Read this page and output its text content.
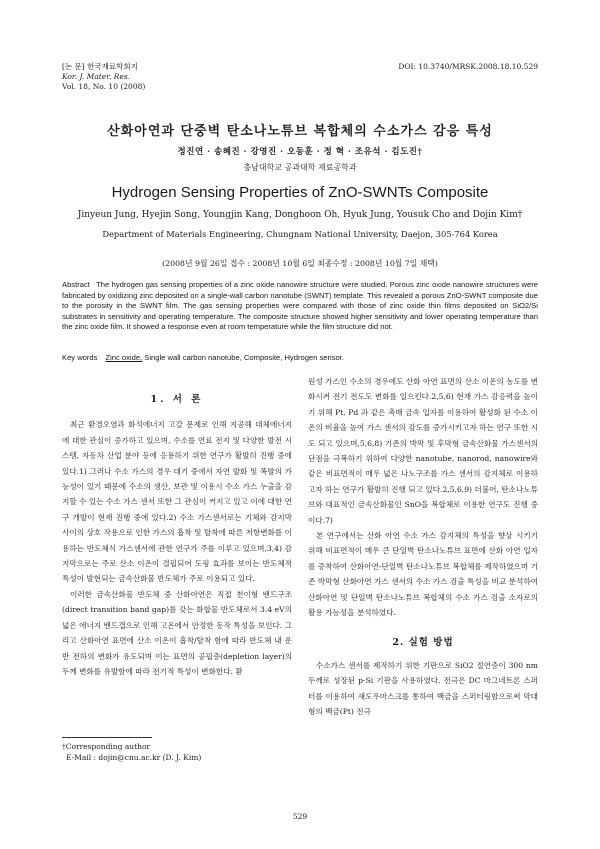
[논 문] 한국재료학회지
Kor. J. Mater. Res.
Vol. 18, No. 10 (2008)
DOI: 10.3740/MRSK.2008.18.10.529
산화아연과 단중벽 탄소나노튜브 복합체의 수소가스 감응 특성
정진연 · 송혜진 · 강영진 · 오동훈 · 정 혁 · 조유석 · 김도진†
충남대학교 공과대학 재료공학과
Hydrogen Sensing Properties of ZnO-SWNTs Composite
Jinyeun Jung, Hyejin Song, Youngjin Kang, Donghoon Oh, Hyuk Jung, Yousuk Cho and Dojin Kim†
Department of Materials Engineering, Chungnam National University, Daejon, 305-764 Korea
(2008년 9월 26일 접수 : 2008년 10월 6일 최종수정 : 2008년 10월 7일 채택)
Abstract The hydrogen gas sensing properties of a zinc oxide nanowire structure were studied. Porous zinc oxide nanowire structures were fabricated by oxidizing zinc deposited on a single-wall carbon nanotube (SWNT) template. This revealed a porous ZnO-SWNT composite due to the porosity in the SWNT film. The gas sensing properties were compared with those of zinc oxide thin films deposited on SiO2/Si substrates in sensitivity and operating temperature. The composite structure showed higher sensitivity and lower operating temperature than the zinc oxide film. It showed a response even at room temperature while the film structure did not.
Key words Zinc oxide, Single wall carbon nanotube, Composite, Hydrogen sensor.
1. 서 론

최근 환경오염과 화석에너지 고갈 문제로 인해 지공해 대체에너지에 대한 관심이 증가하고 있으며, 수소를 연료 전지 및 다양한 발전 시스템, 자동차 산업 분야 등에 응용하기 위한 연구가 활발히 진행 중에 있다.1) 그러나 수소 가스의 경우 대기 중에서 자연 발화 및 폭발의 가능성이 있기 때문에 수소의 생산, 보관 및 이용시 수소 가스 누출을 감지할 수 있는 수소 가스 센서 또한 그 관심이 커지고 있고 이에 대한 연구 개발이 현재 진행 중에 있다.2) 수소 가스센서로는 기체와 감지막 사이의 상호 작용으로 인한 가스의 흡착 및 탈착에 따른 저항변화를 이용하는 반도체식 가스센서에 관한 연구가 주를 이루고 있으며,3,4) 감지막으로는 주로 산소 이온이 결핍되어 도핑 효과를 보이는 반도체적 특성이 발현되는 금속산화물 반도체가 주로 이용되고 있다.

이러한 금속산화물 반도체 중 산화아연은 직접 천이형 밴드구조(direct transition band gap)를 갖는 화합물 반도체로서 3.4 eV의 넓은 에너지 밴드갭으로 인해 고온에서 안정한 동작 특성을 보인다. 그리고 산화아연 표면에 산소 이온이 흡착/탈착 함에 따라 반도체 내 운반 전하의 변화가 유도되며 이는 표면의 공핍층(depletion layer)의 두께 변화를 유발함에 따라 전기적 특성이 변화한다. 환

원성 가스인 수소의 경우에도 산화 아연 표면의 산소 이온의 농도를 변화시켜 전기 전도도 변화를 일으킨다.2,5,6) 현재 가스 감응력을 높이기 위해 Pt, Pd 과 같은 촉매 금속 입자를 이용하여 활성화 된 수소 이온의 비율을 높여 가스 센서의 감도를 증가시키고자 하는 연구 또한 시도 되고 있으며,5,6,8) 기존의 박막 및 후막형 금속산화물 가스센서의 단점을 극복하기 위하여 다양한 nanotube, nanorod, nanowire와 같은 비표면적이 매우 넓은 나노구조를 가스 센서의 감지체로 이용하고자 하는 연구가 활발히 진행 되고 있다.2,5,6,9) 더불어, 탄소나노튜브와 대표적인 금속산화물인 SnO을 복합체로 이용한 연구도 진행 중이다.7)

본 연구에서는 산화 아연 수소 가스 감지체의 특성을 향상 시키기 위해 비표면적이 매우 큰 단일벽 탄소나노튜브 표면에 산화 아연 입자를 증착하여 산화아연-단일벽 탄소나노튜브 복합체를 제작하였으며 기존 박막형 산화아연 가스 센서의 수소 가스 검출 특성을 비교 분석하여 산화아연 및 단일벽 탄소나노튜브 복합체의 수소 가스 검출 소자로의 활용 가능성을 분석하였다.

2. 실험 방법

수소가스 센서를 제작하기 위한 기판으로 SiO2 절연층이 300 nm 두께로 성장된 p-Si 기판을 사용하였다. 전극은 DC 마그네트론 스퍼터를 이용하여 섀도우마스크를 통하여 백금을 스퍼터링함으로써 막대형의 백금(Pt) 전극

†Corresponding author
E-Mail : dojin@cnu.ac.kr (D. J. Kim)
529
